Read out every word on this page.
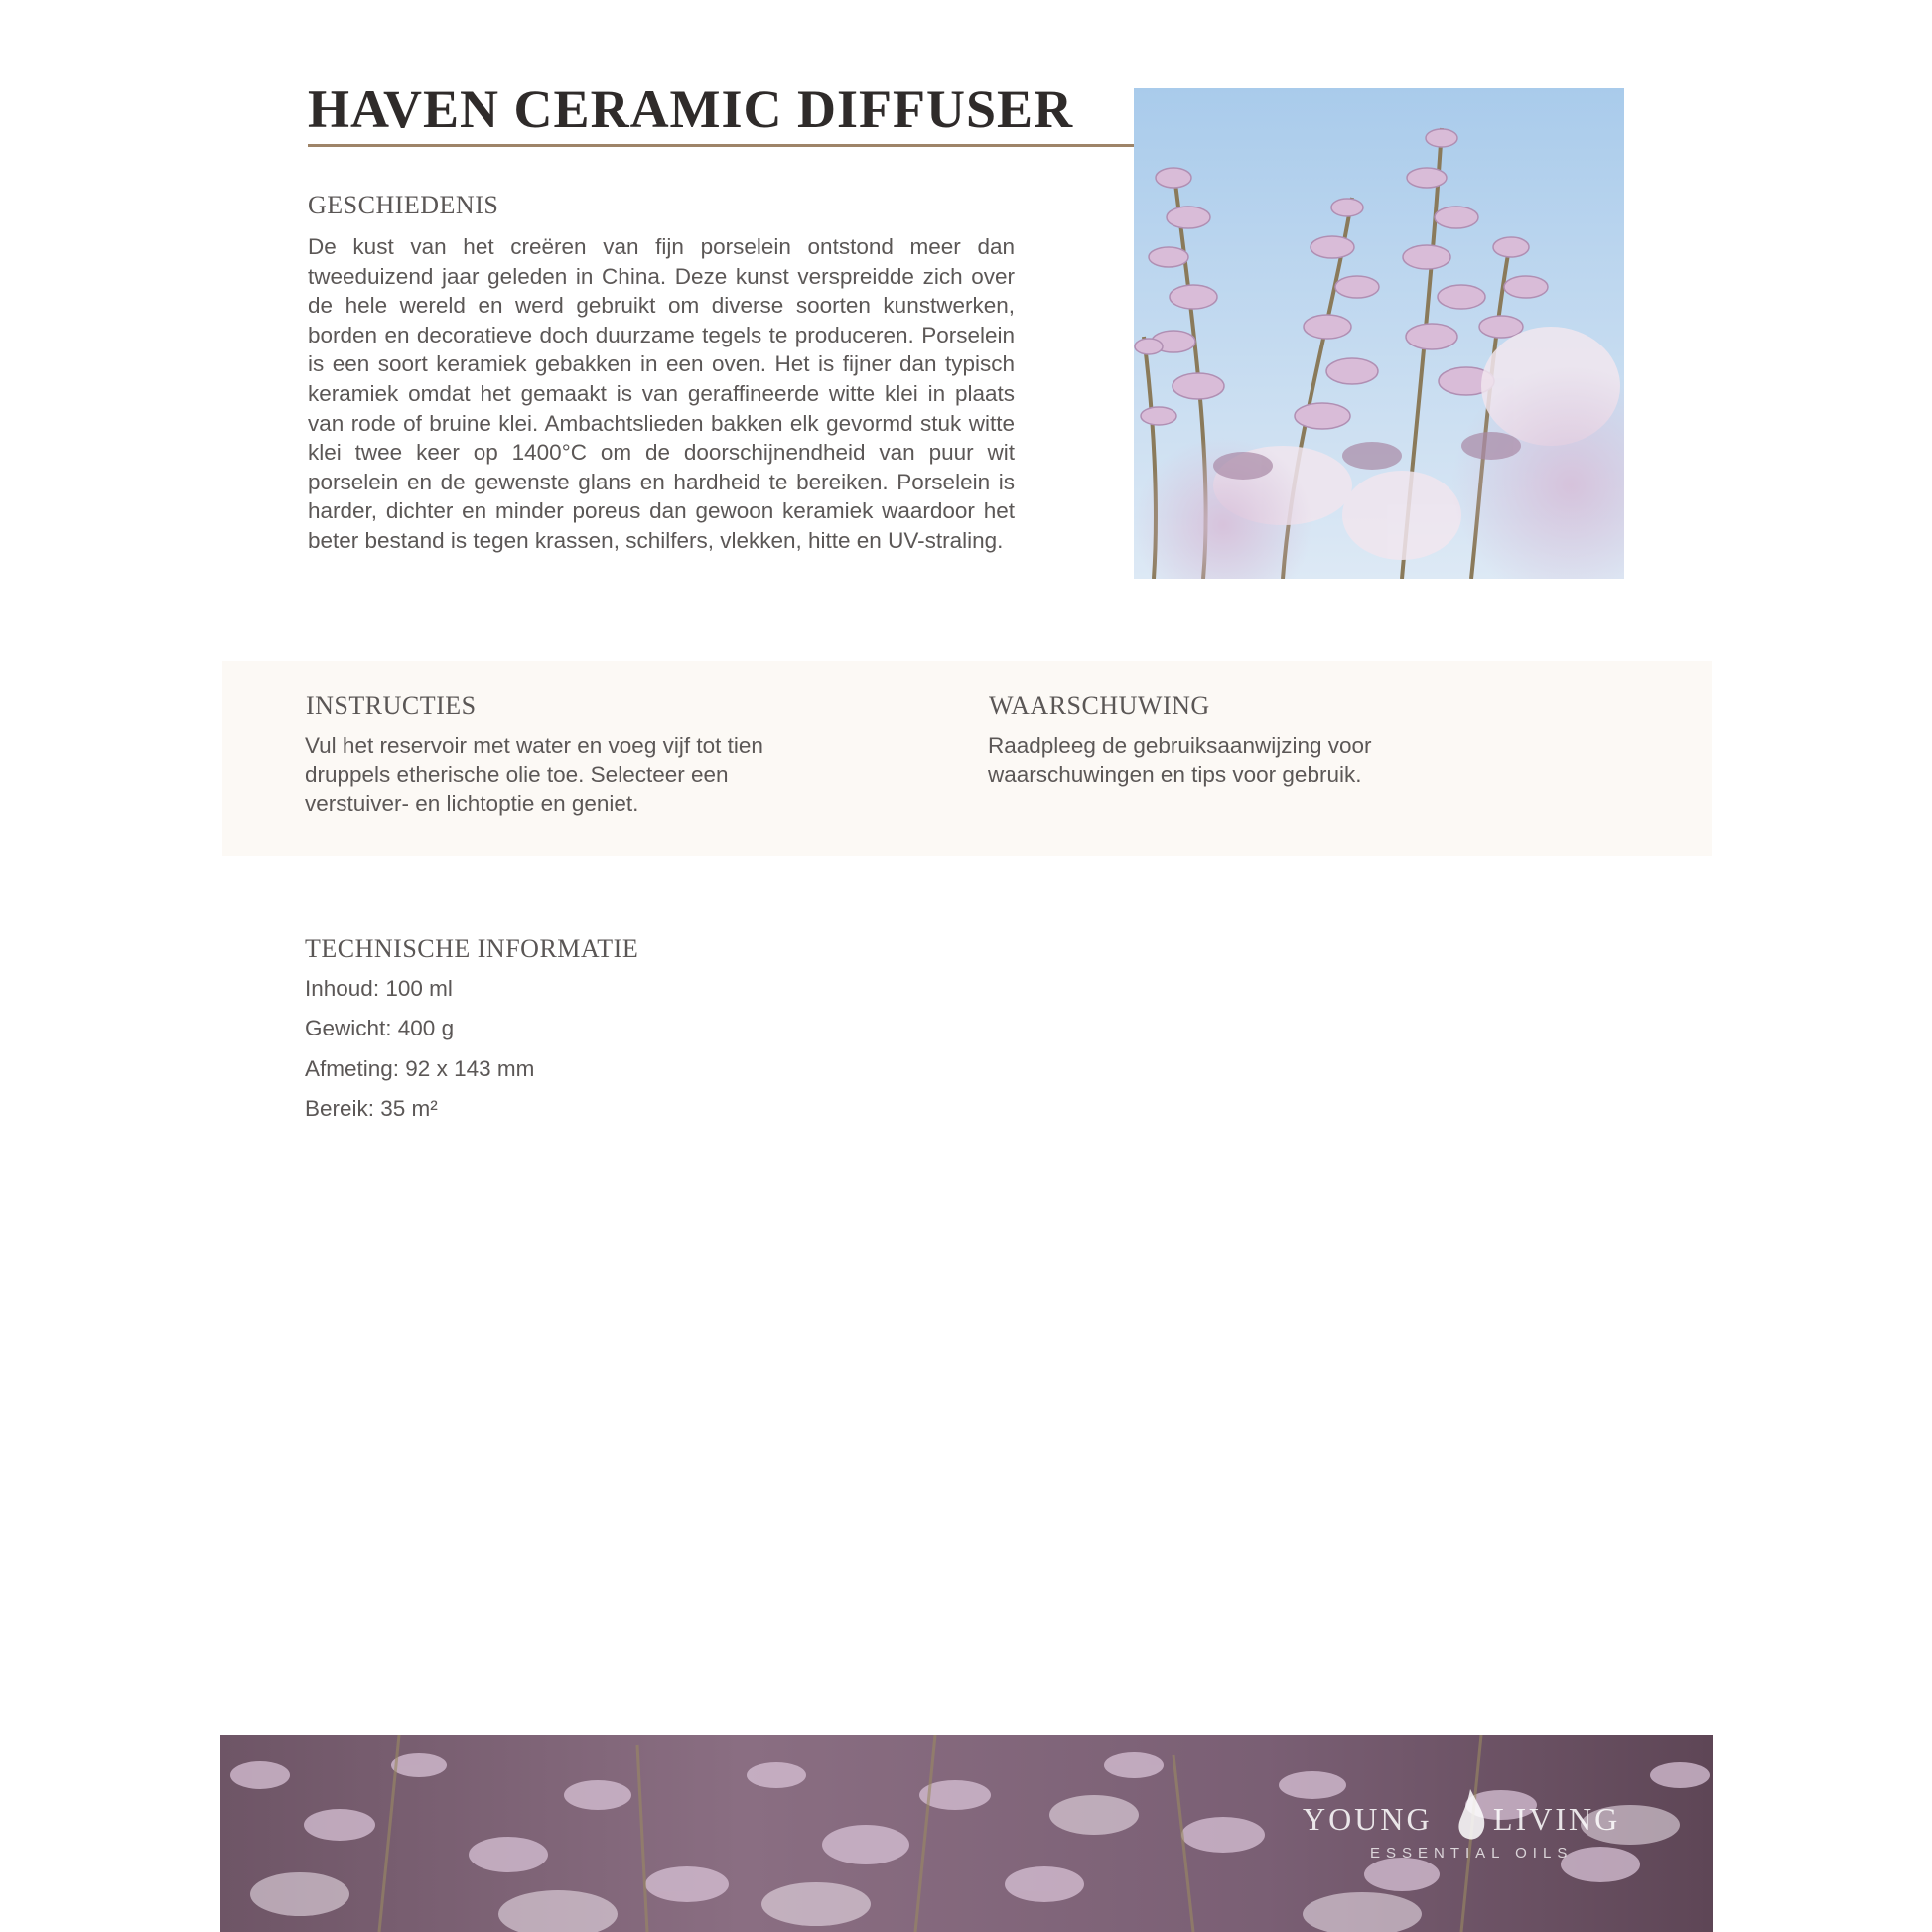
HAVEN CERAMIC DIFFUSER
GESCHIEDENIS

De kust van het creëren van fijn porselein ontstond meer dan tweeduizend jaar geleden in China. Deze kunst verspreidde zich over de hele wereld en werd gebruikt om diverse soorten kunstwerken, borden en decoratieve doch duurzame tegels te produceren. Porselein is een soort keramiek gebakken in een oven. Het is fijner dan typisch keramiek omdat het gemaakt is van geraffineerde witte klei in plaats van rode of bruine klei. Ambachtslieden bakken elk gevormd stuk witte klei twee keer op 1400°C om de doorschijnendheid van puur wit porselein en de gewenste glans en hardheid te bereiken. Porselein is harder, dichter en minder poreus dan gewoon keramiek waardoor het beter bestand is tegen krassen, schilfers, vlekken, hitte en UV-straling.

INSTRUCTIES

Vul het reservoir met water en voeg vijf tot tien druppels etherische olie toe. Selecteer een verstuiver- en lichtoptie en geniet.

WAARSCHUWING

Raadpleeg de gebruiksaanwijzing voor waarschuwingen en tips voor gebruik.

TECHNISCHE INFORMATIE
Inhoud: 100 ml
Gewicht: 400 g
Afmeting: 92 x 143 mm
Bereik: 35 m²
YOUNG LIVING
ESSENTIAL OILS
